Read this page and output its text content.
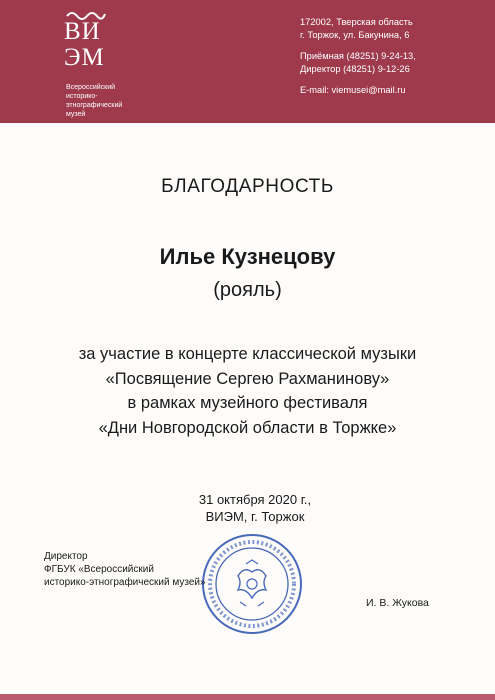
ВИ
ЭМ
Всероссийский
историко-
этнографический
музей
172002, Тверская область
г. Торжок, ул. Бакунина, 6
Приёмная (48251) 9-24-13,
Директор (48251) 9-12-26
E-mail: viemusei@mail.ru
БЛАГОДАРНОСТЬ
Илье Кузнецову
(рояль)
за участие в концерте классической музыки
«Посвящение Сергею Рахманинову»
в рамках музейного фестиваля
«Дни Новгородской области в Торжке»
31 октября 2020 г.,
ВИЭМ, г. Торжок
Директор
ФГБУК «Всероссийский
историко-этнографический музей»
И. В. Жукова
